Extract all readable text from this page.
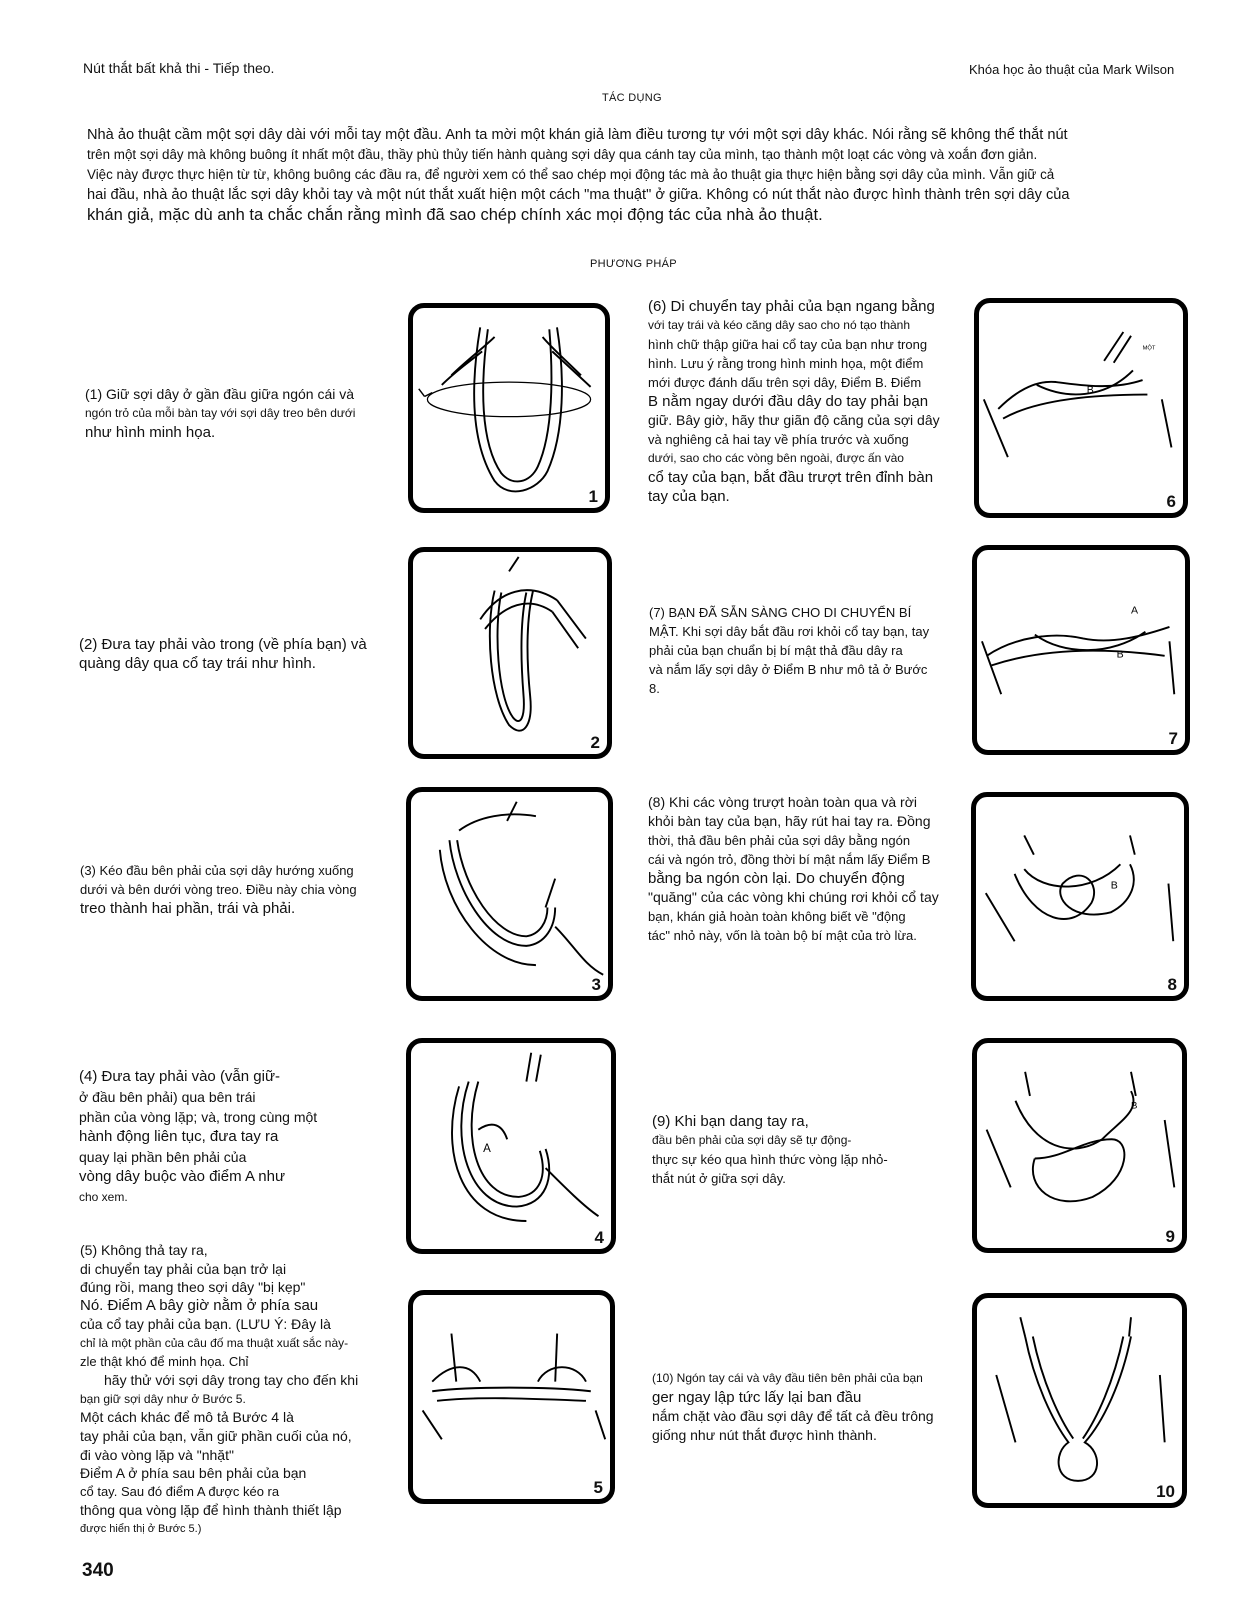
Nút thắt bất khả thi - Tiếp theo.	Khóa học ảo thuật của Mark Wilson
TÁC DỤNG
Nhà ảo thuật cầm một sợi dây dài với mỗi tay một đầu. Anh ta mời một khán giả làm điều tương tự với một sợi dây khác. Nói rằng sẽ không thể thắt nút
trên một sợi dây mà không buông ít nhất một đầu, thầy phù thủy tiến hành quàng sợi dây qua cánh tay của mình, tạo thành một loạt các vòng và xoắn đơn giản.
Việc này được thực hiện từ từ, không buông các đầu ra, để người xem có thể sao chép mọi động tác mà ảo thuật gia thực hiện bằng sợi dây của mình. Vẫn giữ cả
hai đầu, nhà ảo thuật lắc sợi dây khỏi tay và một nút thắt xuất hiện một cách "ma thuật" ở giữa. Không có nút thắt nào được hình thành trên sợi dây của
khán giả, mặc dù anh ta chắc chắn rằng mình đã sao chép chính xác mọi động tác của nhà ảo thuật.
PHƯƠNG PHÁP
(1) Giữ sợi dây ở gần đầu giữa ngón cái và
ngón trỏ của mỗi bàn tay với sợi dây treo bên dưới
như hình minh họa.
1
(6) Di chuyển tay phải của bạn ngang bằng
với tay trái và kéo căng dây sao cho nó tạo thành
hình chữ thập giữa hai cổ tay của bạn như trong
hình. Lưu ý rằng trong hình minh họa, một điểm
mới được đánh dấu trên sợi dây, Điểm B. Điểm
B nằm ngay dưới đầu dây do tay phải bạn
giữ. Bây giờ, hãy thư giãn độ căng của sợi dây
và nghiêng cả hai tay về phía trước và xuống
dưới, sao cho các vòng bên ngoài, được ấn vào
cổ tay của bạn, bắt đầu trượt trên đỉnh bàn
tay của bạn.
B
MỘT
6
(2) Đưa tay phải vào trong (về phía bạn) và
quàng dây qua cổ tay trái như hình.
2
(7) BẠN ĐÃ SẴN SÀNG CHO DI CHUYỂN BÍ
MẬT. Khi sợi dây bắt đầu rơi khỏi cổ tay bạn, tay
phải của bạn chuẩn bị bí mật thả đầu dây ra
và nắm lấy sợi dây ở Điểm B như mô tả ở Bước
8.
A
B
7
(3) Kéo đầu bên phải của sợi dây hướng xuống
dưới và bên dưới vòng treo. Điều này chia vòng
treo thành hai phần, trái và phải.
3
(8) Khi các vòng trượt hoàn toàn qua và rời
khỏi bàn tay của bạn, hãy rút hai tay ra. Đồng
thời, thả đầu bên phải của sợi dây bằng ngón
cái và ngón trỏ, đồng thời bí mật nắm lấy Điểm B
bằng ba ngón còn lại. Do chuyển động
"quăng" của các vòng khi chúng rơi khỏi cổ tay
bạn, khán giả hoàn toàn không biết về "động
tác" nhỏ này, vốn là toàn bộ bí mật của trò lừa.
B
8
(4) Đưa tay phải vào (vẫn giữ-
ở đầu bên phải) qua bên trái
phần của vòng lặp; và, trong cùng một
hành động liên tục, đưa tay ra
quay lại phần bên phải của
vòng dây buộc vào điểm A như
cho xem.
A
4
(9) Khi bạn dang tay ra,
đầu bên phải của sợi dây sẽ tự động-
thực sự kéo qua hình thức vòng lặp nhỏ-
thắt nút ở giữa sợi dây.
B
9
(5) Không thả tay ra,
di chuyển tay phải của bạn trở lại
đúng rồi, mang theo sợi dây "bị kẹp"
Nó. Điểm A bây giờ nằm ở phía sau
của cổ tay phải của bạn. (LƯU Ý: Đây là
chỉ là một phần của câu đố ma thuật xuất sắc này-
zle thật khó để minh họa. Chỉ
hãy thử với sợi dây trong tay cho đến khi
bạn giữ sợi dây như ở Bước 5.
Một cách khác để mô tả Bước 4 là
tay phải của bạn, vẫn giữ phần cuối của nó,
đi vào vòng lặp và "nhặt"
Điểm A ở phía sau bên phải của bạn
cổ tay. Sau đó điểm A được kéo ra
thông qua vòng lặp để hình thành thiết lập
được hiển thị ở Bước 5.)
5
(10) Ngón tay cái và vây đầu tiên bên phải của bạn
ger ngay lập tức lấy lại ban đầu
nắm chặt vào đầu sợi dây để tất cả đều trông
giống như nút thắt được hình thành.
10
340
